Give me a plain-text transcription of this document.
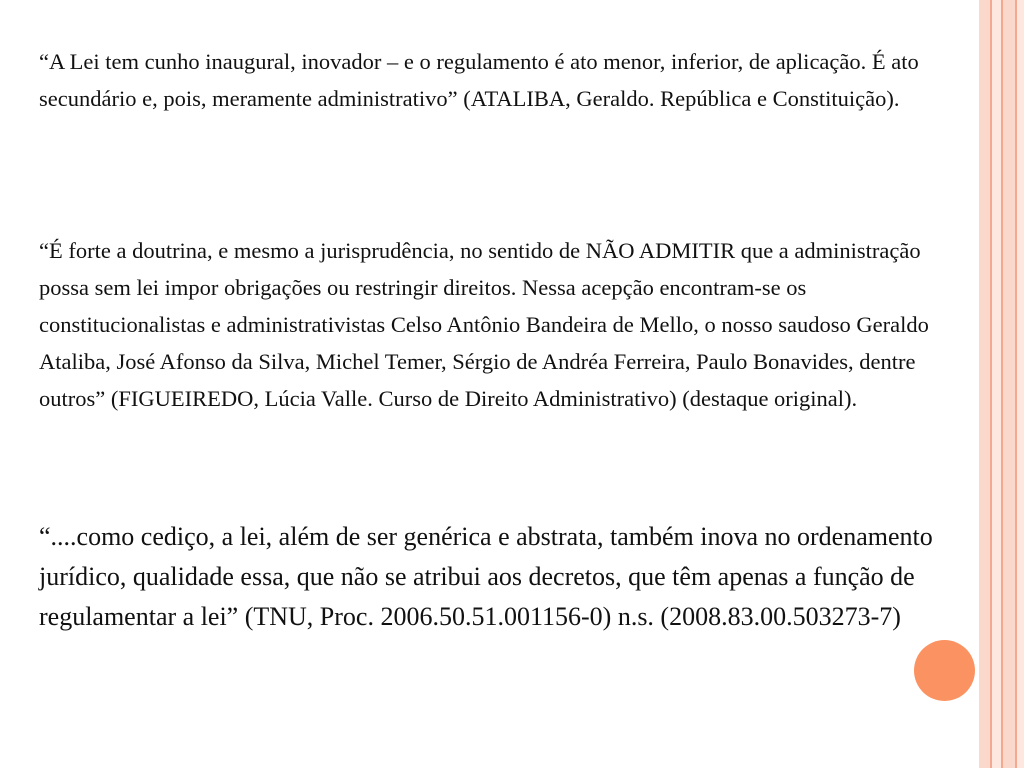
“A Lei tem cunho inaugural, inovador – e o regulamento é ato menor, inferior, de aplicação. É ato secundário e, pois, meramente administrativo” (ATALIBA, Geraldo. República e Constituição).

“É forte a doutrina, e mesmo a jurisprudência, no sentido de NÃO ADMITIR que a administração possa sem lei impor obrigações ou restringir direitos. Nessa acepção encontram-se os constitucionalistas e administrativistas Celso Antônio Bandeira de Mello, o nosso saudoso Geraldo Ataliba, José Afonso da Silva, Michel Temer, Sérgio de Andréa Ferreira, Paulo Bonavides, dentre outros” (FIGUEIREDO, Lúcia Valle. Curso de Direito Administrativo) (destaque original).

“....como cediço, a lei, além de ser genérica e abstrata, também inova no ordenamento jurídico, qualidade essa, que não se atribui aos decretos, que têm apenas a função de regulamentar a lei” (TNU, Proc. 2006.50.51.001156-0) n.s. (2008.83.00.503273-7)
